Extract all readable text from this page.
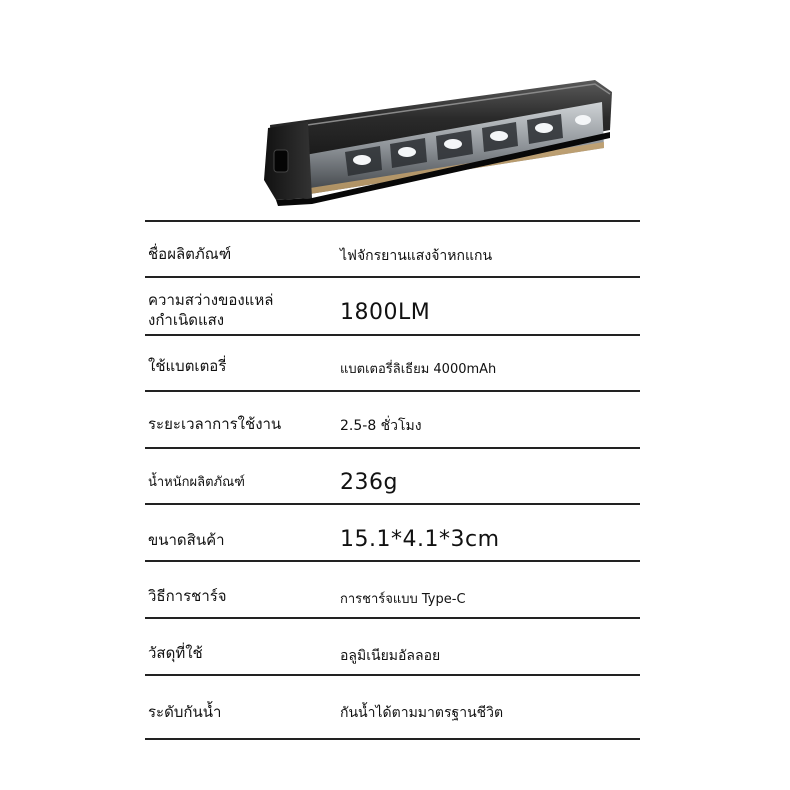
ชื่อผลิตภัณฑ์	ไฟจักรยานแสงจ้าหกแกน
ความสว่างของแหล่
งกำเนิดแสง	1800LM
ใช้แบตเตอรี่	แบตเตอรี่ลิเธียม 4000mAh
ระยะเวลาการใช้งาน	2.5-8 ชั่วโมง
น้ำหนักผลิตภัณฑ์	236g
ขนาดสินค้า	15.1*4.1*3cm
วิธีการชาร์จ	การชาร์จแบบ Type-C
วัสดุที่ใช้	อลูมิเนียมอัลลอย
ระดับกันน้ำ	กันน้ำได้ตามมาตรฐานชีวิต
